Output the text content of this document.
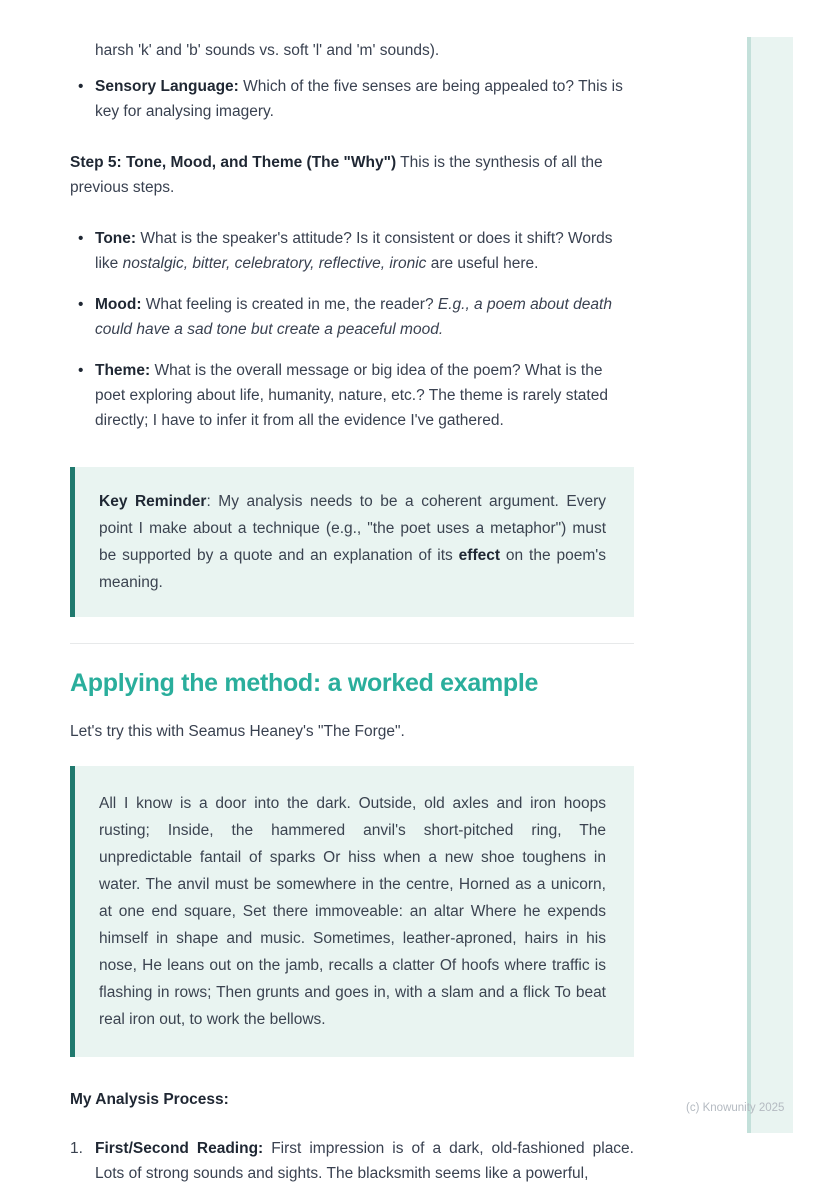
harsh 'k' and 'b' sounds vs. soft 'l' and 'm' sounds).

• Sensory Language: Which of the five senses are being appealed to? This is key for analysing imagery.

Step 5: Tone, Mood, and Theme (The "Why") This is the synthesis of all the previous steps.

• Tone: What is the speaker's attitude? Is it consistent or does it shift? Words like nostalgic, bitter, celebratory, reflective, ironic are useful here.
• Mood: What feeling is created in me, the reader? E.g., a poem about death could have a sad tone but create a peaceful mood.
• Theme: What is the overall message or big idea of the poem? What is the poet exploring about life, humanity, nature, etc.? The theme is rarely stated directly; I have to infer it from all the evidence I've gathered.
Key Reminder: My analysis needs to be a coherent argument. Every point I make about a technique (e.g., "the poet uses a metaphor") must be supported by a quote and an explanation of its effect on the poem's meaning.
Applying the method: a worked example

Let's try this with Seamus Heaney's "The Forge".

All I know is a door into the dark. Outside, old axles and iron hoops rusting; Inside, the hammered anvil's short-pitched ring, The unpredictable fantail of sparks Or hiss when a new shoe toughens in water. The anvil must be somewhere in the centre, Horned as a unicorn, at one end square, Set there immoveable: an altar Where he expends himself in shape and music. Sometimes, leather-aproned, hairs in his nose, He leans out on the jamb, recalls a clatter Of hoofs where traffic is flashing in rows; Then grunts and goes in, with a slam and a flick To beat real iron out, to work the bellows.

My Analysis Process:

1. First/Second Reading: First impression is of a dark, old-fashioned place. Lots of strong sounds and sights. The blacksmith seems like a powerful,
(c) Knowunity 2025
